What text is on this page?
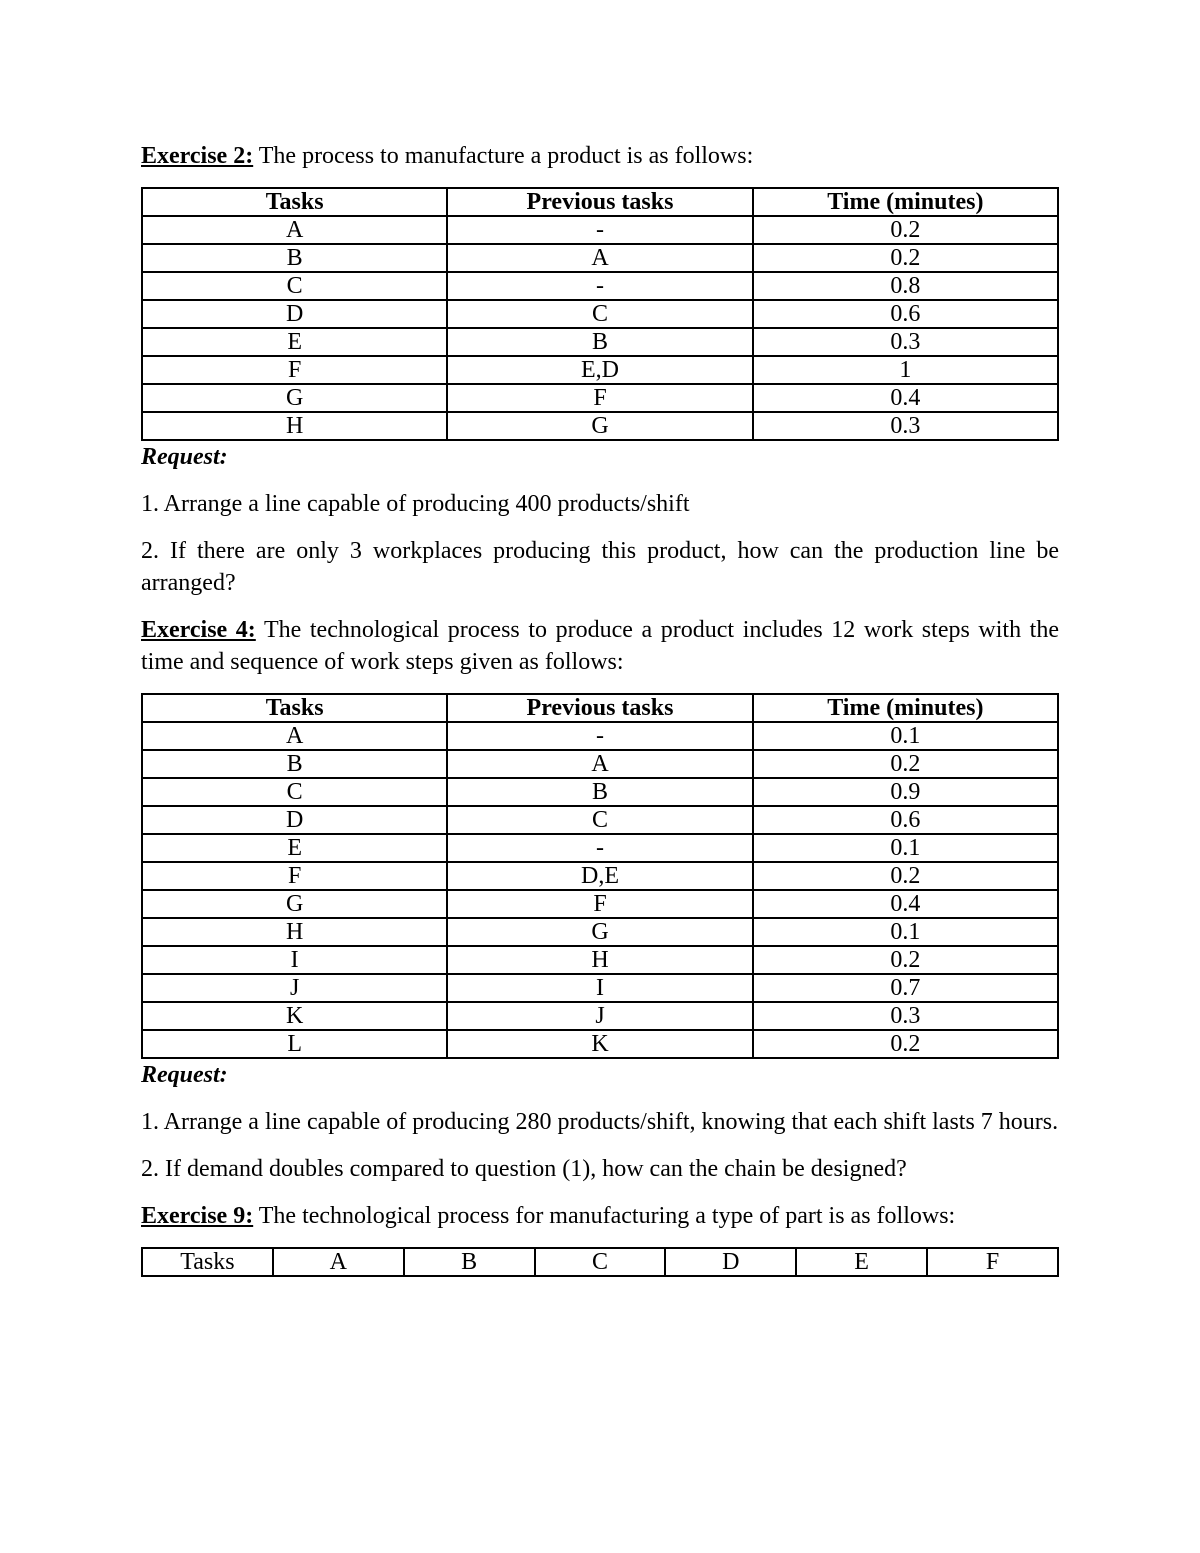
Exercise 2: The process to manufacture a product is as follows:

Tasks	Previous tasks	Time (minutes)
A	-	0.2
B	A	0.2
C	-	0.8
D	C	0.6
E	B	0.3
F	E,D	1
G	F	0.4
H	G	0.3

Request:

1. Arrange a line capable of producing 400 products/shift

2. If there are only 3 workplaces producing this product, how can the production line be arranged?

Exercise 4: The technological process to produce a product includes 12 work steps with the time and sequence of work steps given as follows:

Tasks	Previous tasks	Time (minutes)
A	-	0.1
B	A	0.2
C	B	0.9
D	C	0.6
E	-	0.1
F	D,E	0.2
G	F	0.4
H	G	0.1
I	H	0.2
J	I	0.7
K	J	0.3
L	K	0.2

Request:

1. Arrange a line capable of producing 280 products/shift, knowing that each shift lasts 7 hours.

2. If demand doubles compared to question (1), how can the chain be designed?

Exercise 9: The technological process for manufacturing a type of part is as follows:

Tasks	A	B	C	D	E	F
